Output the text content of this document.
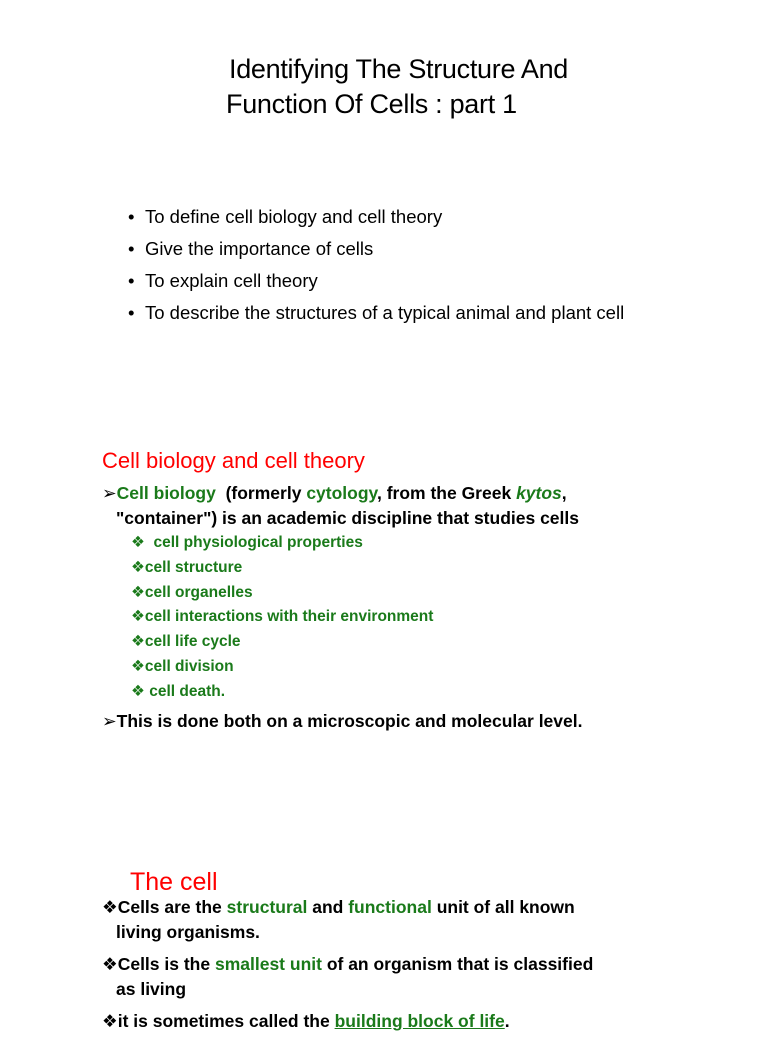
Identifying The Structure And
Function Of Cells : part 1
• To define cell biology and cell theory
• Give the importance of cells
• To explain cell theory
• To describe the structures of a typical animal and plant cell
Cell biology and cell theory
➢Cell biology  (formerly cytology, from the Greek kytos,
"container") is an academic discipline that studies cells
❖  cell physiological properties
❖cell structure
❖cell organelles
❖cell interactions with their environment
❖cell life cycle
❖cell division
❖ cell death.
➢This is done both on a microscopic and molecular level.
The cell
❖Cells are the structural and functional unit of all known
living organisms.
❖Cells is the smallest unit of an organism that is classified
as living
❖it is sometimes called the building block of life.
